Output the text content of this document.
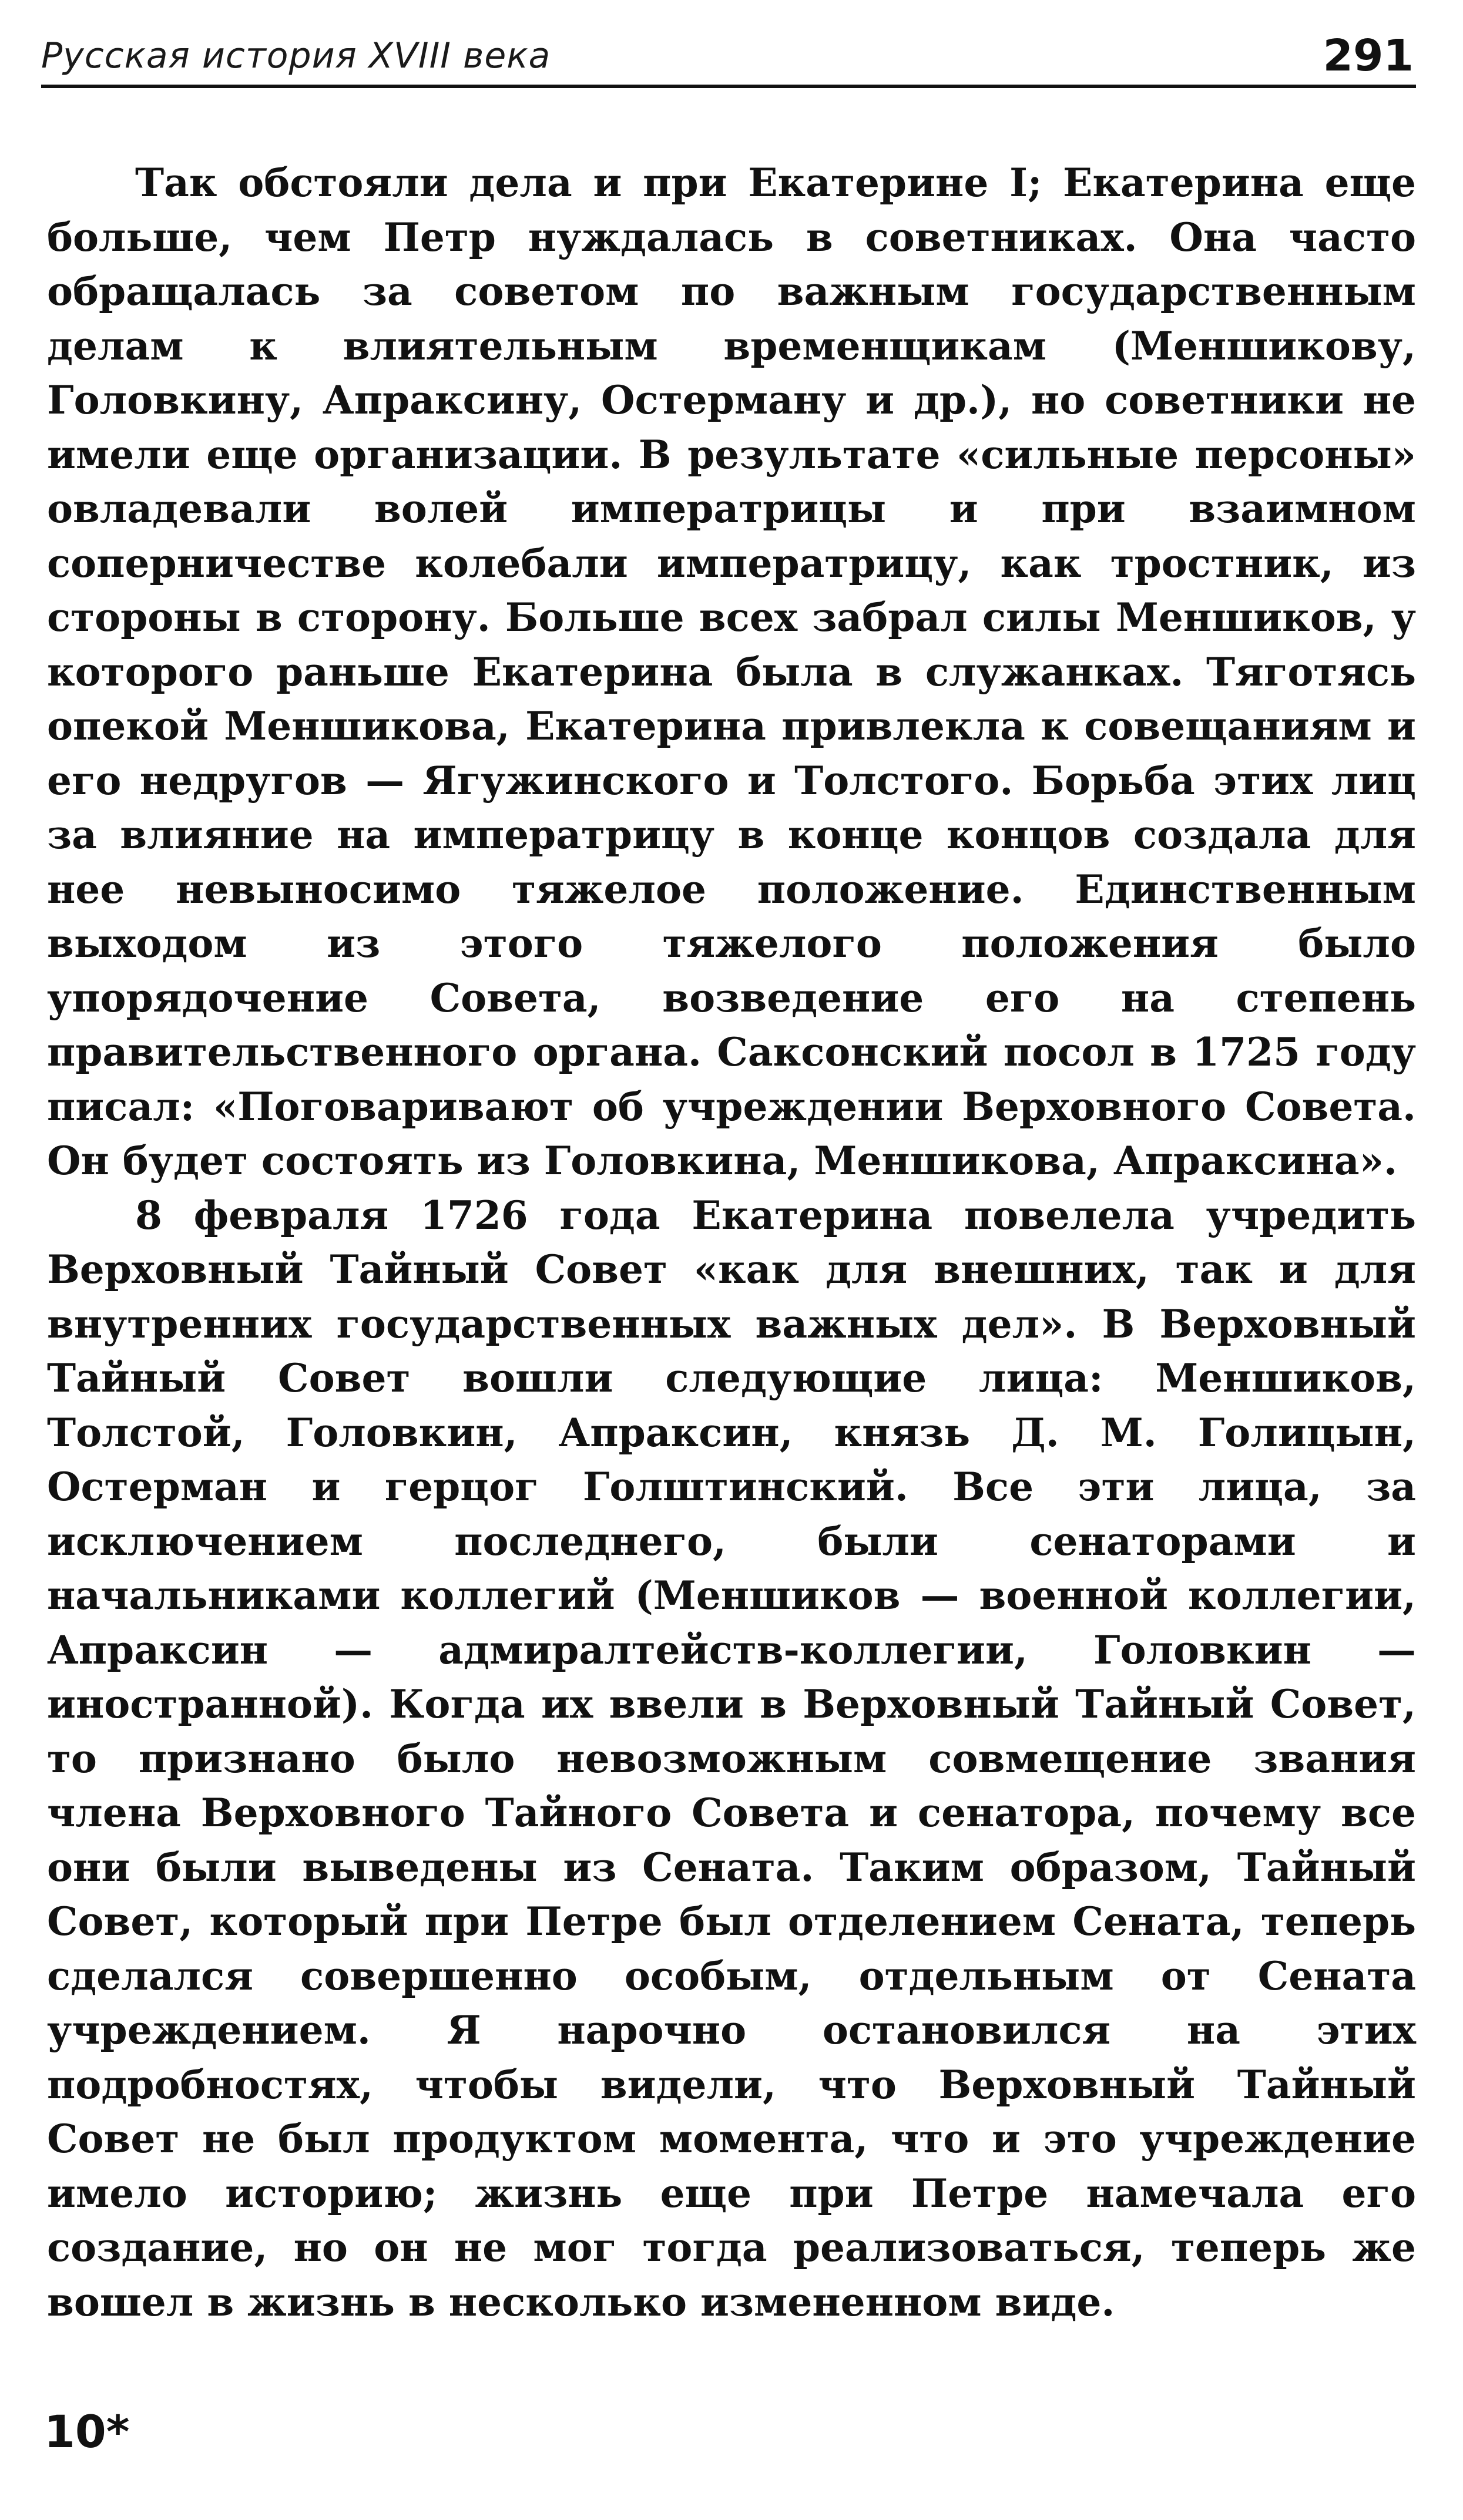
Русская история XVIII века	291

Так обстояли дела и при Екатерине I; Екатерина еще больше, чем Петр нуждалась в советниках. Она часто обращалась за советом по важным государственным делам к влиятельным временщикам (Меншикову, Головкину, Апраксину, Остерману и др.), но советники не имели еще организации. В результате «сильные персоны» овладевали волей императрицы и при взаимном соперничестве колебали императрицу, как тростник, из стороны в сторону. Больше всех забрал силы Меншиков, у которого раньше Екатерина была в служанках. Тяготясь опекой Меншикова, Екатерина привлекла к совещаниям и его недругов — Ягужинского и Толстого. Борьба этих лиц за влияние на императрицу в конце концов создала для нее невыносимо тяжелое положение. Единственным выходом из этого тяжелого положения было упорядочение Совета, возведение его на степень правительственного органа. Саксонский посол в 1725 году писал: «Поговаривают об учреждении Верховного Совета. Он будет состоять из Головкина, Меншикова, Апраксина».

8 февраля 1726 года Екатерина повелела учредить Верховный Тайный Совет «как для внешних, так и для внутренних государственных важных дел». В Верховный Тайный Совет вошли следующие лица: Меншиков, Толстой, Головкин, Апраксин, князь Д. М. Голицын, Остерман и герцог Голштинский. Все эти лица, за исключением последнего, были сенаторами и начальниками коллегий (Меншиков — военной коллегии, Апраксин — адмиралтейств-коллегии, Головкин — иностранной). Когда их ввели в Верховный Тайный Совет, то признано было невозможным совмещение звания члена Верховного Тайного Совета и сенатора, почему все они были выведены из Сената. Таким образом, Тайный Совет, который при Петре был отделением Сената, теперь сделался совершенно особым, отдельным от Сената учреждением. Я нарочно остановился на этих подробностях, чтобы видели, что Верховный Тайный Совет не был продуктом момента, что и это учреждение имело историю; жизнь еще при Петре намечала его создание, но он не мог тогда реализоваться, теперь же вошел в жизнь в несколько измененном виде.

10*
